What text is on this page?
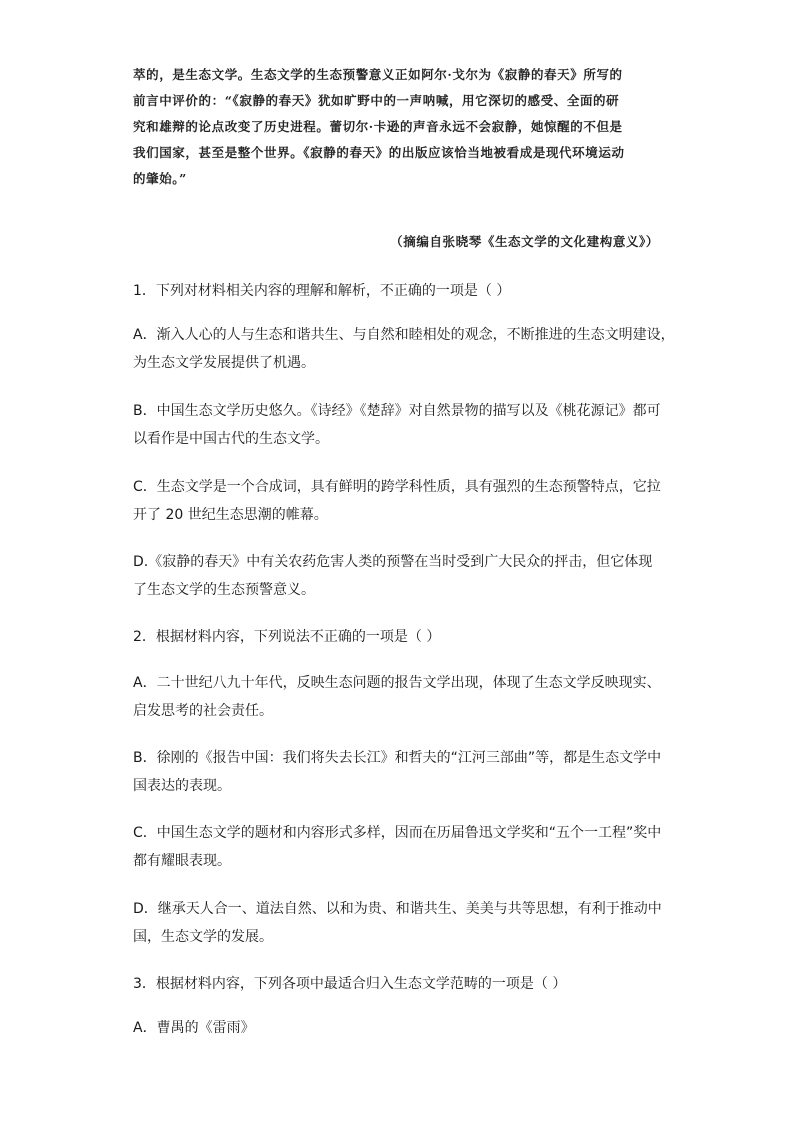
萃的，是生态文学。生态文学的生态预警意义正如阿尔·戈尔为《寂静的春天》所写的

前言中评价的：“《寂静的春天》犹如旷野中的一声呐喊，用它深切的感受、全面的研

究和雄辩的论点改变了历史进程。蕾切尔·卡逊的声音永远不会寂静，她惊醒的不但是

我们国家，甚至是整个世界。《寂静的春天》的出版应该恰当地被看成是现代环境运动

的肇始。”

（摘编自张晓琴《生态文学的文化建构意义》）

1．下列对材料相关内容的理解和解析，不正确的一项是（ ）

A．渐入人心的人与生态和谐共生、与自然和睦相处的观念，不断推进的生态文明建设，

为生态文学发展提供了机遇。

B．中国生态文学历史悠久。《诗经》《楚辞》对自然景物的描写以及《桃花源记》都可

以看作是中国古代的生态文学。

C．生态文学是一个合成词，具有鲜明的跨学科性质，具有强烈的生态预警特点，它拉

开了 20 世纪生态思潮的帷幕。

D.《寂静的春天》中有关农药危害人类的预警在当时受到广大民众的抨击，但它体现

了生态文学的生态预警意义。

2．根据材料内容，下列说法不正确的一项是（ ）

A．二十世纪八九十年代，反映生态问题的报告文学出现，体现了生态文学反映现实、

启发思考的社会责任。

B．徐刚的《报告中国：我们将失去长江》和哲夫的“江河三部曲”等，都是生态文学中

国表达的表现。

C．中国生态文学的题材和内容形式多样，因而在历届鲁迅文学奖和“五个一工程”奖中

都有耀眼表现。

D．继承天人合一、道法自然、以和为贵、和谐共生、美美与共等思想，有利于推动中

国，生态文学的发展。

3．根据材料内容，下列各项中最适合归入生态文学范畴的一项是（ ）

A．曹禺的《雷雨》
